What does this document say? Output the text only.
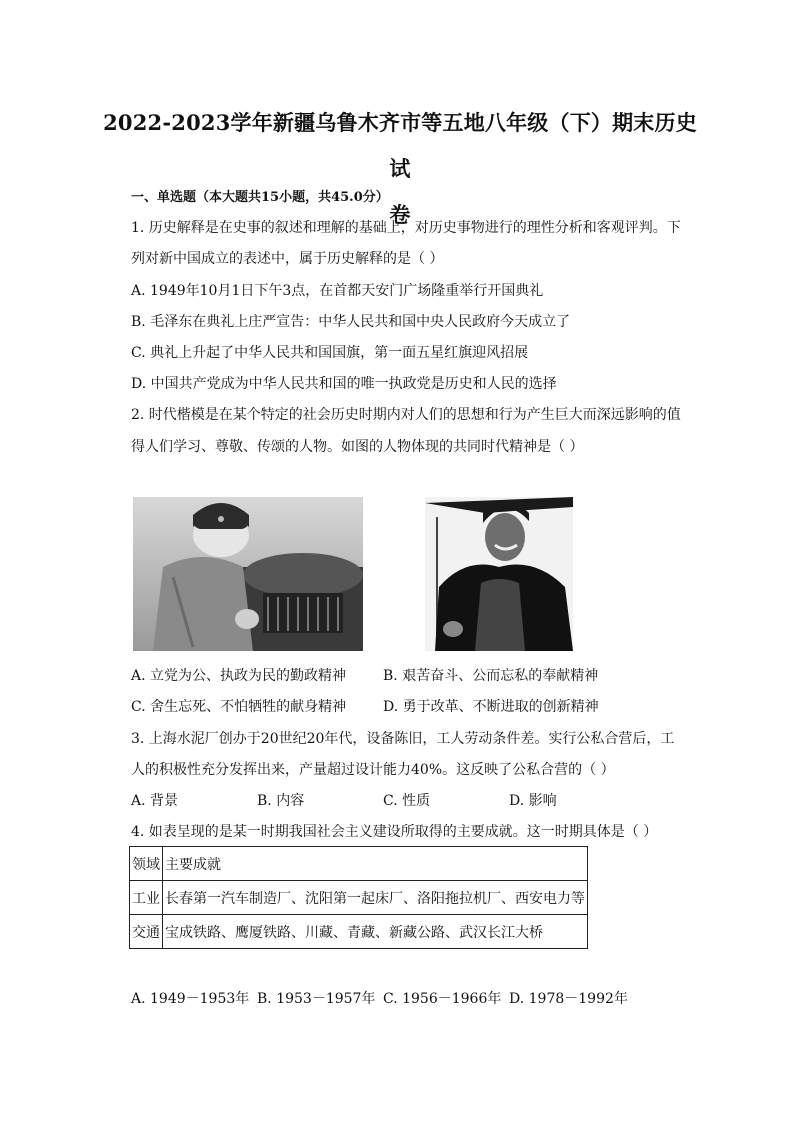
2022-2023学年新疆乌鲁木齐市等五地八年级（下）期末历史试
卷
一、单选题（本大题共15小题，共45.0分）
1. 历史解释是在史事的叙述和理解的基础上，对历史事物进行的理性分析和客观评判。下
列对新中国成立的表述中，属于历史解释的是（ ）
A. 1949年10月1日下午3点，在首都天安门广场隆重举行开国典礼
B. 毛泽东在典礼上庄严宣告：中华人民共和国中央人民政府今天成立了
C. 典礼上升起了中华人民共和国国旗，第一面五星红旗迎风招展
D. 中国共产党成为中华人民共和国的唯一执政党是历史和人民的选择
2. 时代楷模是在某个特定的社会历史时期内对人们的思想和行为产生巨大而深远影响的值
得人们学习、尊敬、传颂的人物。如图的人物体现的共同时代精神是（ ）
A. 立党为公、执政为民的勤政精神	B. 艰苦奋斗、公而忘私的奉献精神
C. 舍生忘死、不怕牺牲的献身精神	D. 勇于改革、不断进取的创新精神
3. 上海水泥厂创办于20世纪20年代，设备陈旧，工人劳动条件差。实行公私合营后，工
人的积极性充分发挥出来，产量超过设计能力40%。这反映了公私合营的（ ）
A. 背景	B. 内容	C. 性质	D. 影响
4. 如表呈现的是某一时期我国社会主义建设所取得的主要成就。这一时期具体是（ ）
领域	主要成就
工业	长春第一汽车制造厂、沈阳第一起床厂、洛阳拖拉机厂、西安电力等
交通	宝成铁路、鹰厦铁路、川藏、青藏、新藏公路、武汉长江大桥
A. 1949－1953年 B. 1953－1957年 C. 1956－1966年 D. 1978－1992年
